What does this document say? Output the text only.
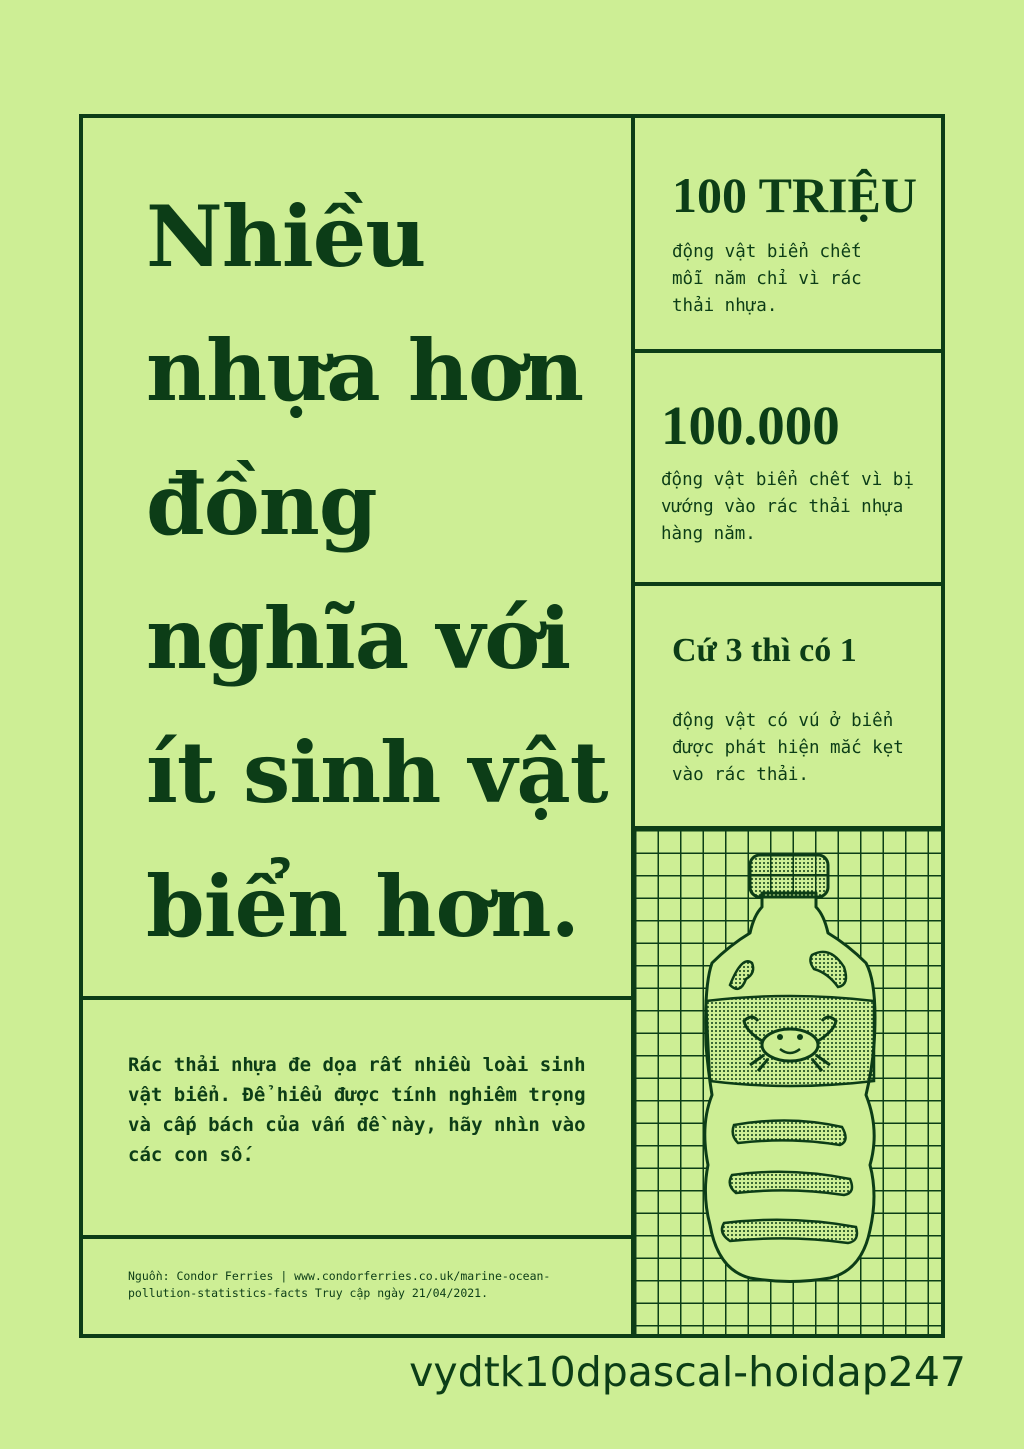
Nhiều
nhựa hơn
đồng
nghĩa với
ít sinh vật
biển hơn.

100 TRIỆU

động vật biển chết mỗi năm chỉ vì rác thải nhựa.

100.000

động vật biển chết vì bị vướng vào rác thải nhựa hàng năm.

Cứ 3 thì có 1

động vật có vú ở biển được phát hiện mắc kẹt vào rác thải.

Rác thải nhựa đe dọa rất nhiều loài sinh vật biển. Để hiểu được tính nghiêm trọng và cấp bách của vấn đề này, hãy nhìn vào các con số.

Nguồn: Condor Ferries | www.condorferries.co.uk/marine-ocean-pollution-statistics-facts Truy cập ngày 21/04/2021.

vydtk10dpascal-hoidap247
